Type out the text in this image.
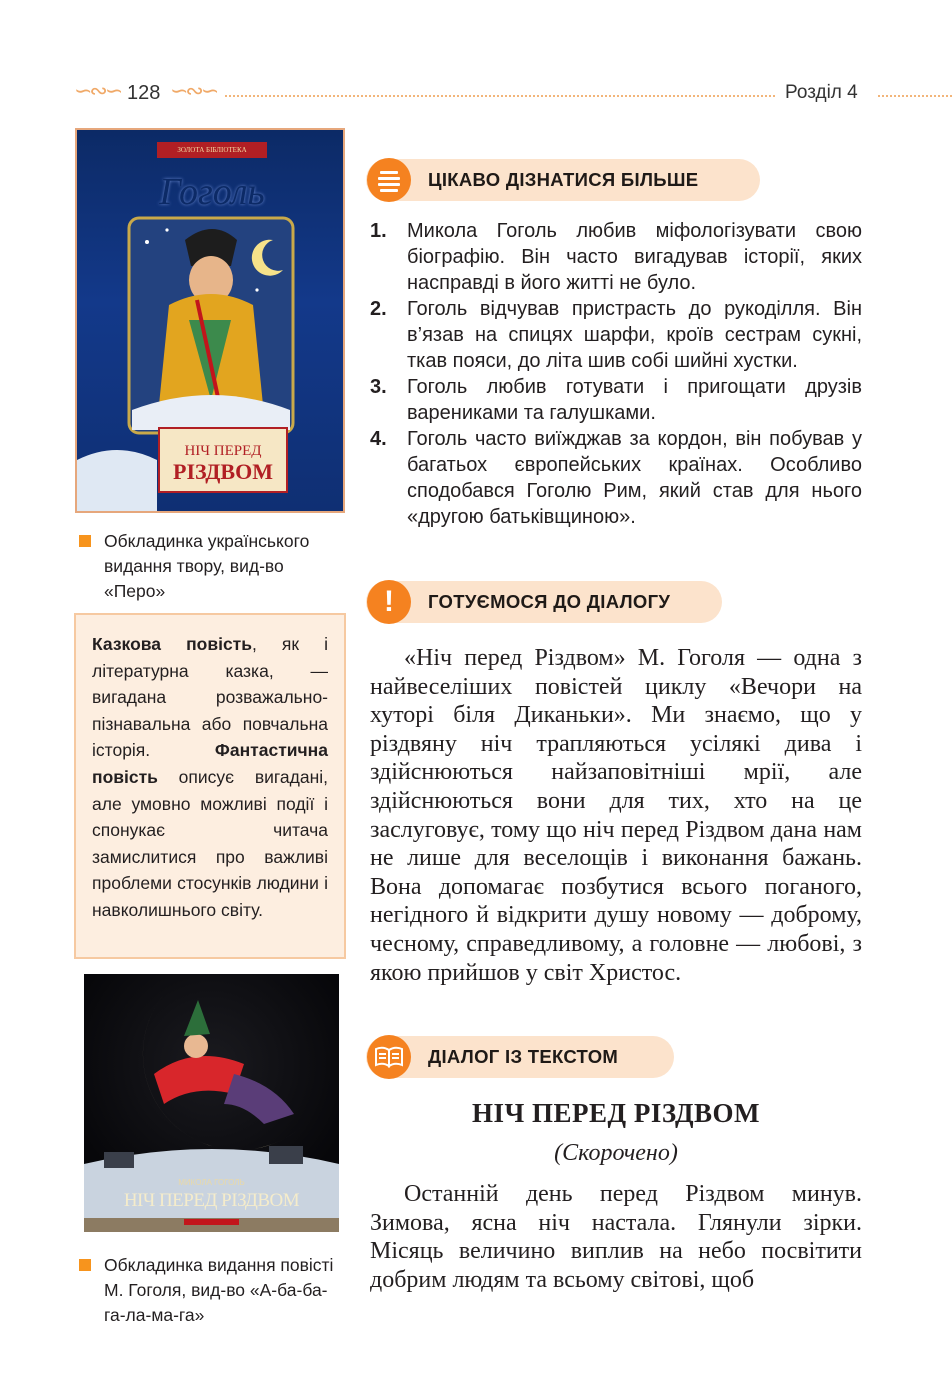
∽∾∽ 128 ∽∾∽	Розділ 4
ЗОЛОТА БІБЛІОТЕКА
Гоголь
НІЧ ПЕРЕД
РІЗДВОМ
Обкладинка українського видання твору, вид-во «Перо»
Казкова повість, як і літературна казка, — вигадана розважально-пізнавальна або повчальна історія. Фантастична повість описує вигадані, але умовно можливі події і спонукає читача замислитися про важливі проблеми стосунків людини і навколишнього світу.
МИКОЛА ГОГОЛЬ
НІЧ ПЕРЕД РІЗДВОМ
Обкладинка видання повісті М. Гоголя, вид-во «А-ба-ба-га-ла-ма-га»
ЦІКАВО ДІЗНАТИСЯ БІЛЬШЕ
1. Микола Гоголь любив міфологізувати свою біографію. Він часто вигадував історії, яких насправді в його житті не було.
2. Гоголь відчував пристрасть до рукоділля. Він в’язав на спицях шарфи, кроїв сестрам сукні, ткав пояси, до літа шив собі шийні хустки.
3. Гоголь любив готувати і пригощати друзів варениками та галушками.
4. Гоголь часто виїжджав за кордон, він побував у багатьох європейських країнах. Особливо сподобався Гоголю Рим, який став для нього «другою батьківщиною».
ГОТУЄМОСЯ ДО ДІАЛОГУ
!
«Ніч перед Різдвом» М. Гоголя — одна з найвеселіших повістей циклу «Вечори на хуторі біля Диканьки». Ми знаємо, що у різдвяну ніч трапляються усілякі дива і здійснюються найзаповітніші мрії, але здійснюються вони для тих, хто на це заслуговує, тому що ніч перед Різдвом дана нам не лише для веселощів і виконання бажань. Вона допомагає позбутися всього поганого, негідного й відкрити душу новому — доброму, чесному, справедливому, а головне — любові, з якою прийшов у світ Христос.
ДІАЛОГ ІЗ ТЕКСТОМ
НІЧ ПЕРЕД РІЗДВОМ
(Скорочено)
Останній день перед Різдвом минув. Зимова, ясна ніч настала. Глянули зірки. Місяць величино виплив на небо посвітити добрим людям та всьому світові, щоб
